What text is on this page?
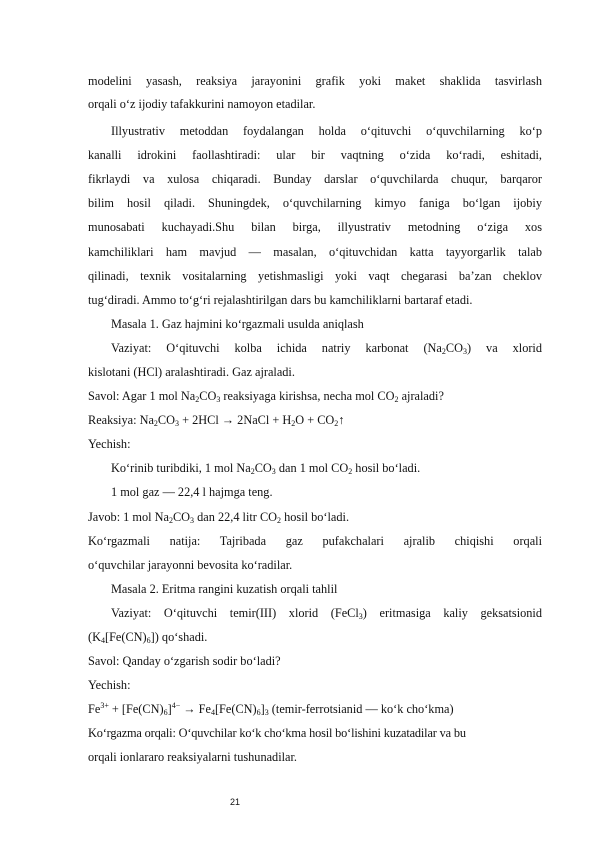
modelini yasash, reaksiya jarayonini grafik yoki maket shaklida tasvirlash
orqali o‘z ijodiy tafakkurini namoyon etadilar.
Illyustrativ metoddan foydalangan holda o‘qituvchi o‘quvchilarning ko‘p
kanalli idrokini faollashtiradi: ular bir vaqtning o‘zida ko‘radi, eshitadi,
fikrlaydi va xulosa chiqaradi. Bunday darslar o‘quvchilarda chuqur, barqaror
bilim hosil qiladi. Shuningdek, o‘quvchilarning kimyo faniga bo‘lgan ijobiy
munosabati kuchayadi.Shu bilan birga, illyustrativ metodning o‘ziga xos
kamchiliklari ham mavjud — masalan, o‘qituvchidan katta tayyorgarlik talab
qilinadi, texnik vositalarning yetishmasligi yoki vaqt chegarasi ba’zan cheklov
tug‘diradi. Ammo to‘g‘ri rejalashtirilgan dars bu kamchiliklarni bartaraf etadi.
Masala 1. Gaz hajmini ko‘rgazmali usulda aniqlash
Vaziyat: O‘qituvchi kolba ichida natriy karbonat $(Na_2CO_3)$ va xlorid
kislotani (HCl) aralashtiradi. Gaz ajraladi.
Savol: Agar 1 mol $Na_2CO_3$ reaksiyaga kirishsa, necha mol $CO_2$ ajraladi?
Reaksiya: $Na_2CO_3 + 2HCl$ → 2NaCl + $H_2O$ + $CO_2↑$
Yechish:
Ko‘rinib turibdiki, 1 mol $Na_2CO_3$ dan 1 mol $CO_2$ hosil bo‘ladi.
1 mol gaz — 22,4 l hajmga teng.
Javob: 1 mol $Na_2CO_3$ dan 22,4 litr $CO_2$ hosil bo‘ladi.
Ko‘rgazmali natija: Tajribada gaz pufakchalari ajralib chiqishi orqali
o‘quvchilar jarayonni bevosita ko‘radilar.
Masala 2. Eritma rangini kuzatish orqali tahlil
Vaziyat: O‘qituvchi temir(III) xlorid (FeCl$_3$) eritmasiga kaliy geksatsionid
$(K_4[Fe(CN)_6])$ qo‘shadi.
Savol: Qanday o‘zgarish sodir bo‘ladi?
Yechish:
$Fe^{3+} + [Fe(CN)_6]^{4-} \to Fe_4[Fe(CN)_6]_3$ (temir-ferrotsianid — ko‘k cho‘kma)
Ko‘rgazma orqali: O‘quvchilar ko‘k cho‘kma hosil bo‘lishini kuzatadilar va bu
orqali ionlararo reaksiyalarni tushunadilar.
21
